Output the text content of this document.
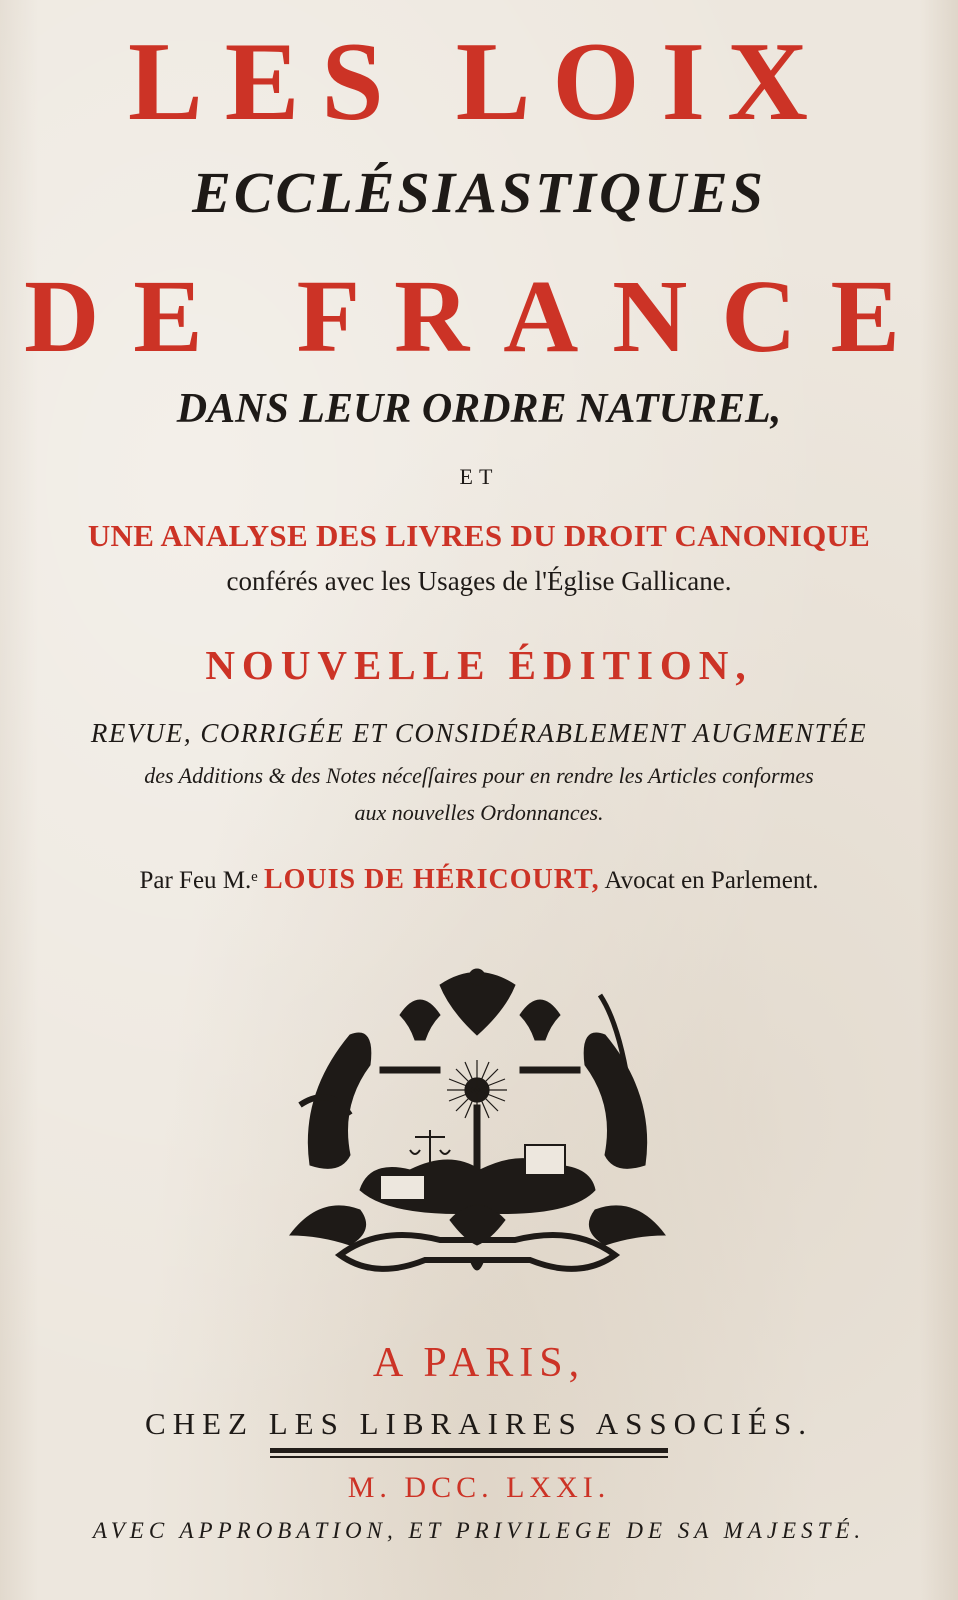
LES LOIX
ECCLÉSIASTIQUES
DE FRANCE
DANS LEUR ORDRE NATUREL,
ET
UNE ANALYSE DES LIVRES DU DROIT CANONIQUE
conférés avec les Usages de l'Église Gallicane.
NOUVELLE ÉDITION,
REVUE, CORRIGÉE ET CONSIDÉRABLEMENT AUGMENTÉE
des Additions & des Notes néceſſaires pour en rendre les Articles conformes
aux nouvelles Ordonnances.
Par Feu M.ᵉ LOUIS DE HÉRICOURT, Avocat en Parlement.
A PARIS,
CHEZ LES LIBRAIRES ASSOCIÉS.
M. DCC. LXXI.
AVEC APPROBATION, ET PRIVILEGE DE SA MAJESTÉ.
